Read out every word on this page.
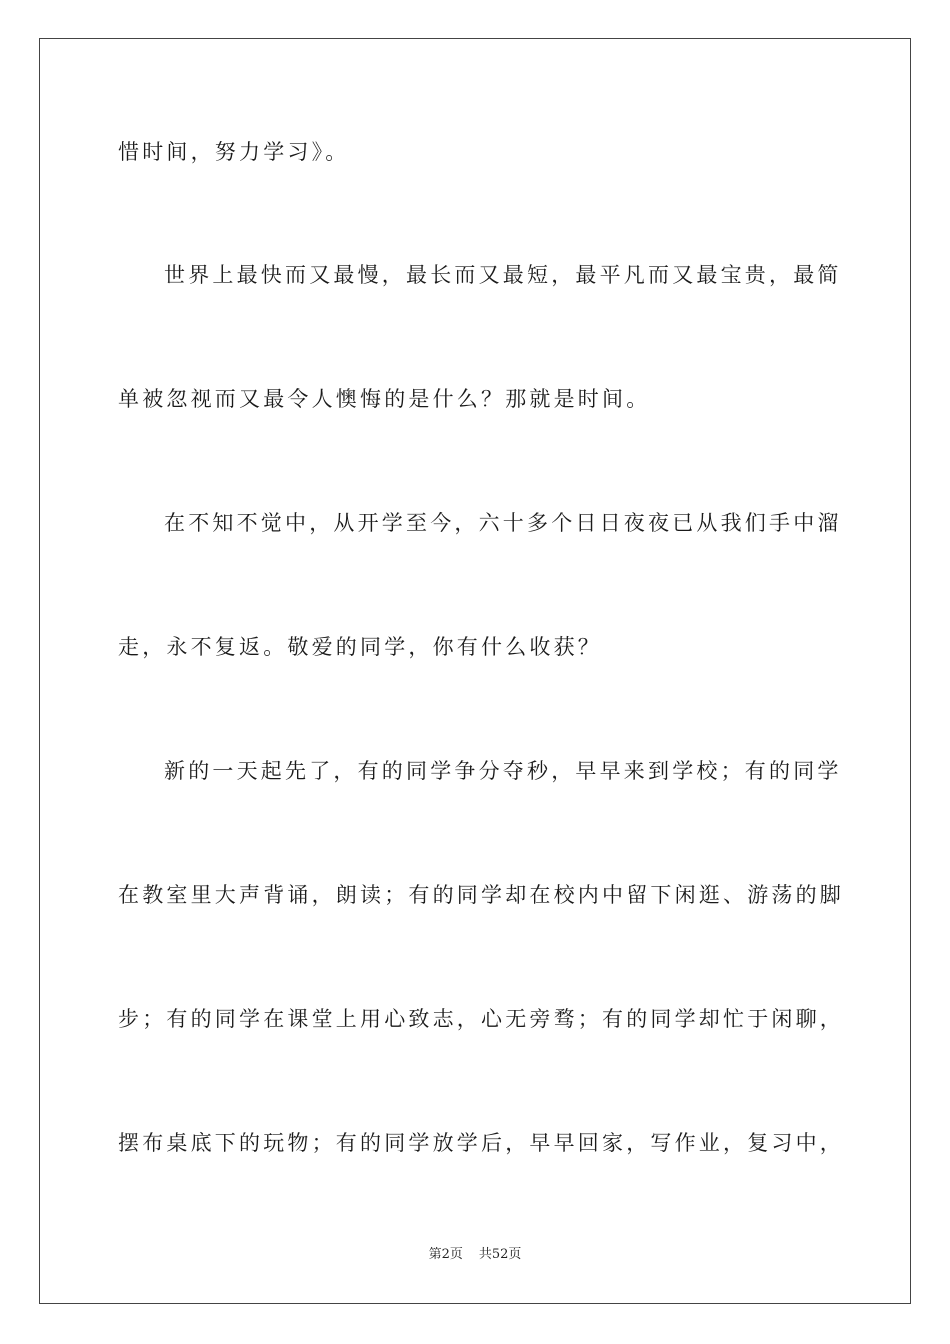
惜时间，努力学习》。
世界上最快而又最慢，最长而又最短，最平凡而又最宝贵，最简
单被忽视而又最令人懊悔的是什么？那就是时间。
在不知不觉中，从开学至今，六十多个日日夜夜已从我们手中溜
走，永不复返。敬爱的同学，你有什么收获？
新的一天起先了，有的同学争分夺秒，早早来到学校；有的同学
在教室里大声背诵，朗读；有的同学却在校内中留下闲逛、游荡的脚
步；有的同学在课堂上用心致志，心无旁骛；有的同学却忙于闲聊，
摆布桌底下的玩物；有的同学放学后，早早回家，写作业，复习中，
第2页 共52页
